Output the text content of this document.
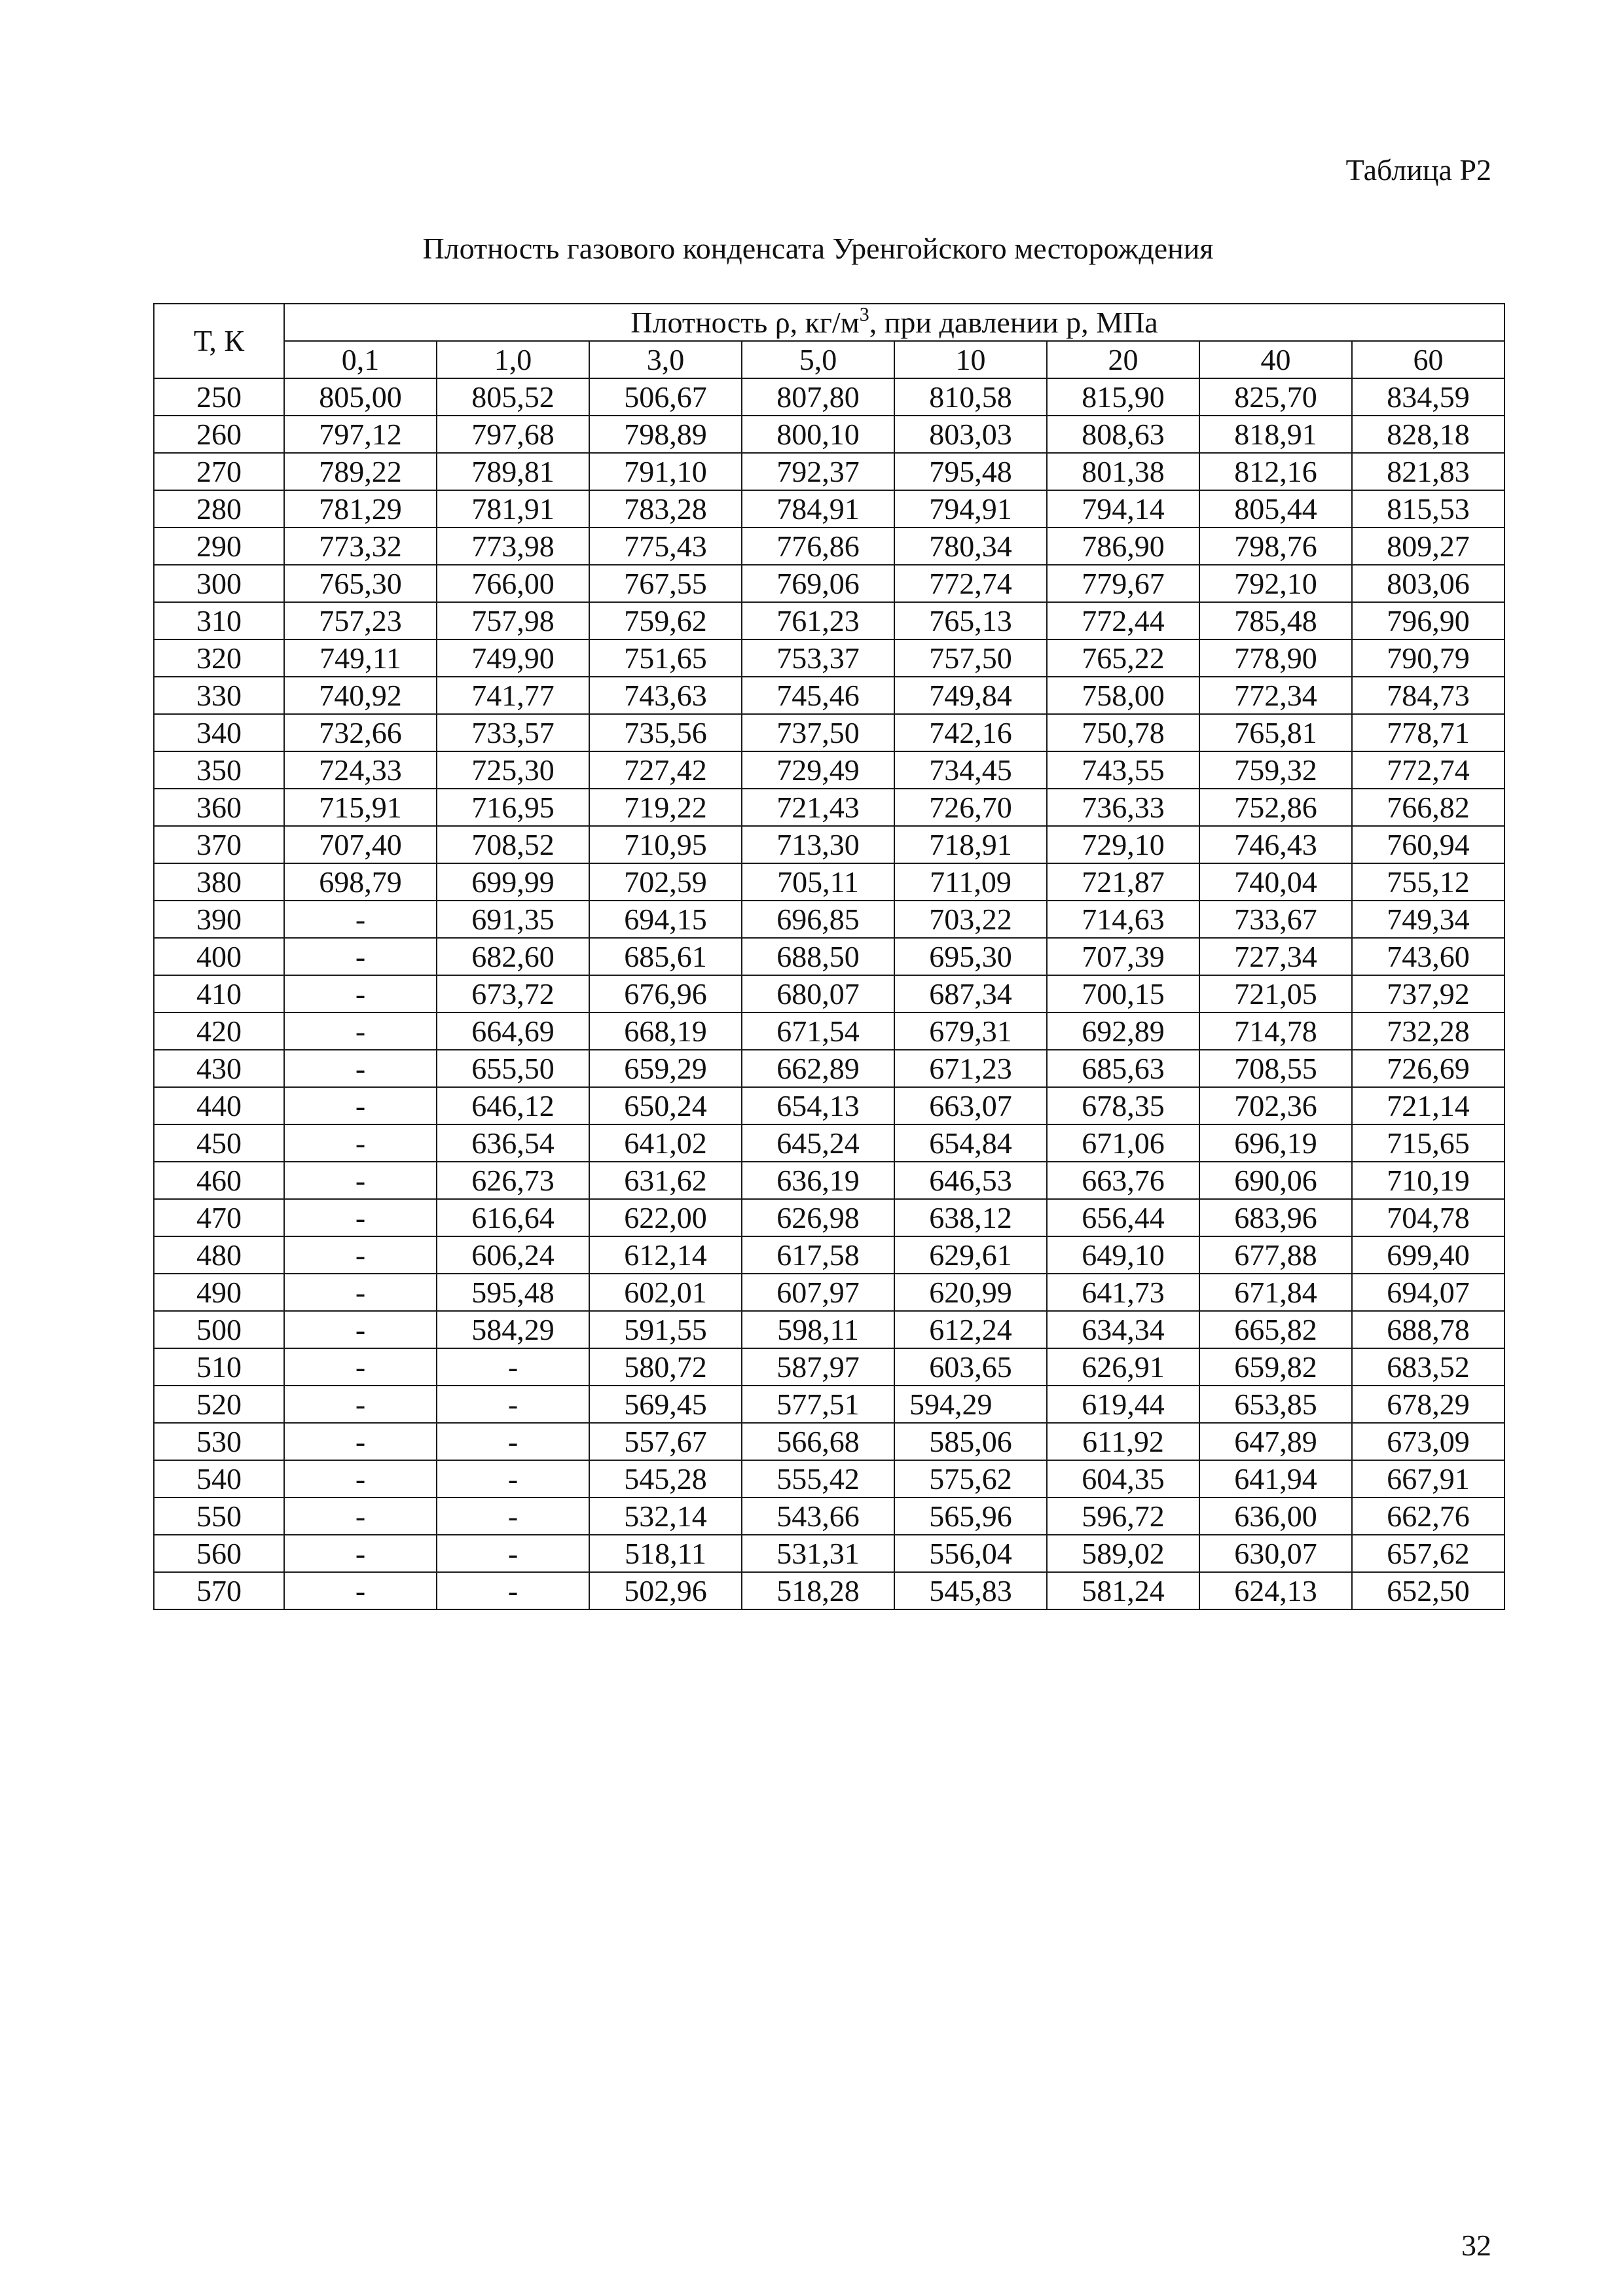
Таблица Р2
Плотность газового конденсата Уренгойского месторождения
Т, К	Плотность ρ, $кг/м^3$, при давлении р, МПа							
	0,1	1,0	3,0	5,0	10	20	40	60
250	805,00	805,52	506,67	807,80	810,58	815,90	825,70	834,59
260	797,12	797,68	798,89	800,10	803,03	808,63	818,91	828,18
270	789,22	789,81	791,10	792,37	795,48	801,38	812,16	821,83
280	781,29	781,91	783,28	784,91	794,91	794,14	805,44	815,53
290	773,32	773,98	775,43	776,86	780,34	786,90	798,76	809,27
300	765,30	766,00	767,55	769,06	772,74	779,67	792,10	803,06
310	757,23	757,98	759,62	761,23	765,13	772,44	785,48	796,90
320	749,11	749,90	751,65	753,37	757,50	765,22	778,90	790,79
330	740,92	741,77	743,63	745,46	749,84	758,00	772,34	784,73
340	732,66	733,57	735,56	737,50	742,16	750,78	765,81	778,71
350	724,33	725,30	727,42	729,49	734,45	743,55	759,32	772,74
360	715,91	716,95	719,22	721,43	726,70	736,33	752,86	766,82
370	707,40	708,52	710,95	713,30	718,91	729,10	746,43	760,94
380	698,79	699,99	702,59	705,11	711,09	721,87	740,04	755,12
390	-	691,35	694,15	696,85	703,22	714,63	733,67	749,34
400	-	682,60	685,61	688,50	695,30	707,39	727,34	743,60
410	-	673,72	676,96	680,07	687,34	700,15	721,05	737,92
420	-	664,69	668,19	671,54	679,31	692,89	714,78	732,28
430	-	655,50	659,29	662,89	671,23	685,63	708,55	726,69
440	-	646,12	650,24	654,13	663,07	678,35	702,36	721,14
450	-	636,54	641,02	645,24	654,84	671,06	696,19	715,65
460	-	626,73	631,62	636,19	646,53	663,76	690,06	710,19
470	-	616,64	622,00	626,98	638,12	656,44	683,96	704,78
480	-	606,24	612,14	617,58	629,61	649,10	677,88	699,40
490	-	595,48	602,01	607,97	620,99	641,73	671,84	694,07
500	-	584,29	591,55	598,11	612,24	634,34	665,82	688,78
510	-	-	580,72	587,97	603,65	626,91	659,82	683,52
520	-	-	569,45	577,51	594,29	619,44	653,85	678,29
530	-	-	557,67	566,68	585,06	611,92	647,89	673,09
540	-	-	545,28	555,42	575,62	604,35	641,94	667,91
550	-	-	532,14	543,66	565,96	596,72	636,00	662,76
560	-	-	518,11	531,31	556,04	589,02	630,07	657,62
570	-	-	502,96	518,28	545,83	581,24	624,13	652,50
32
